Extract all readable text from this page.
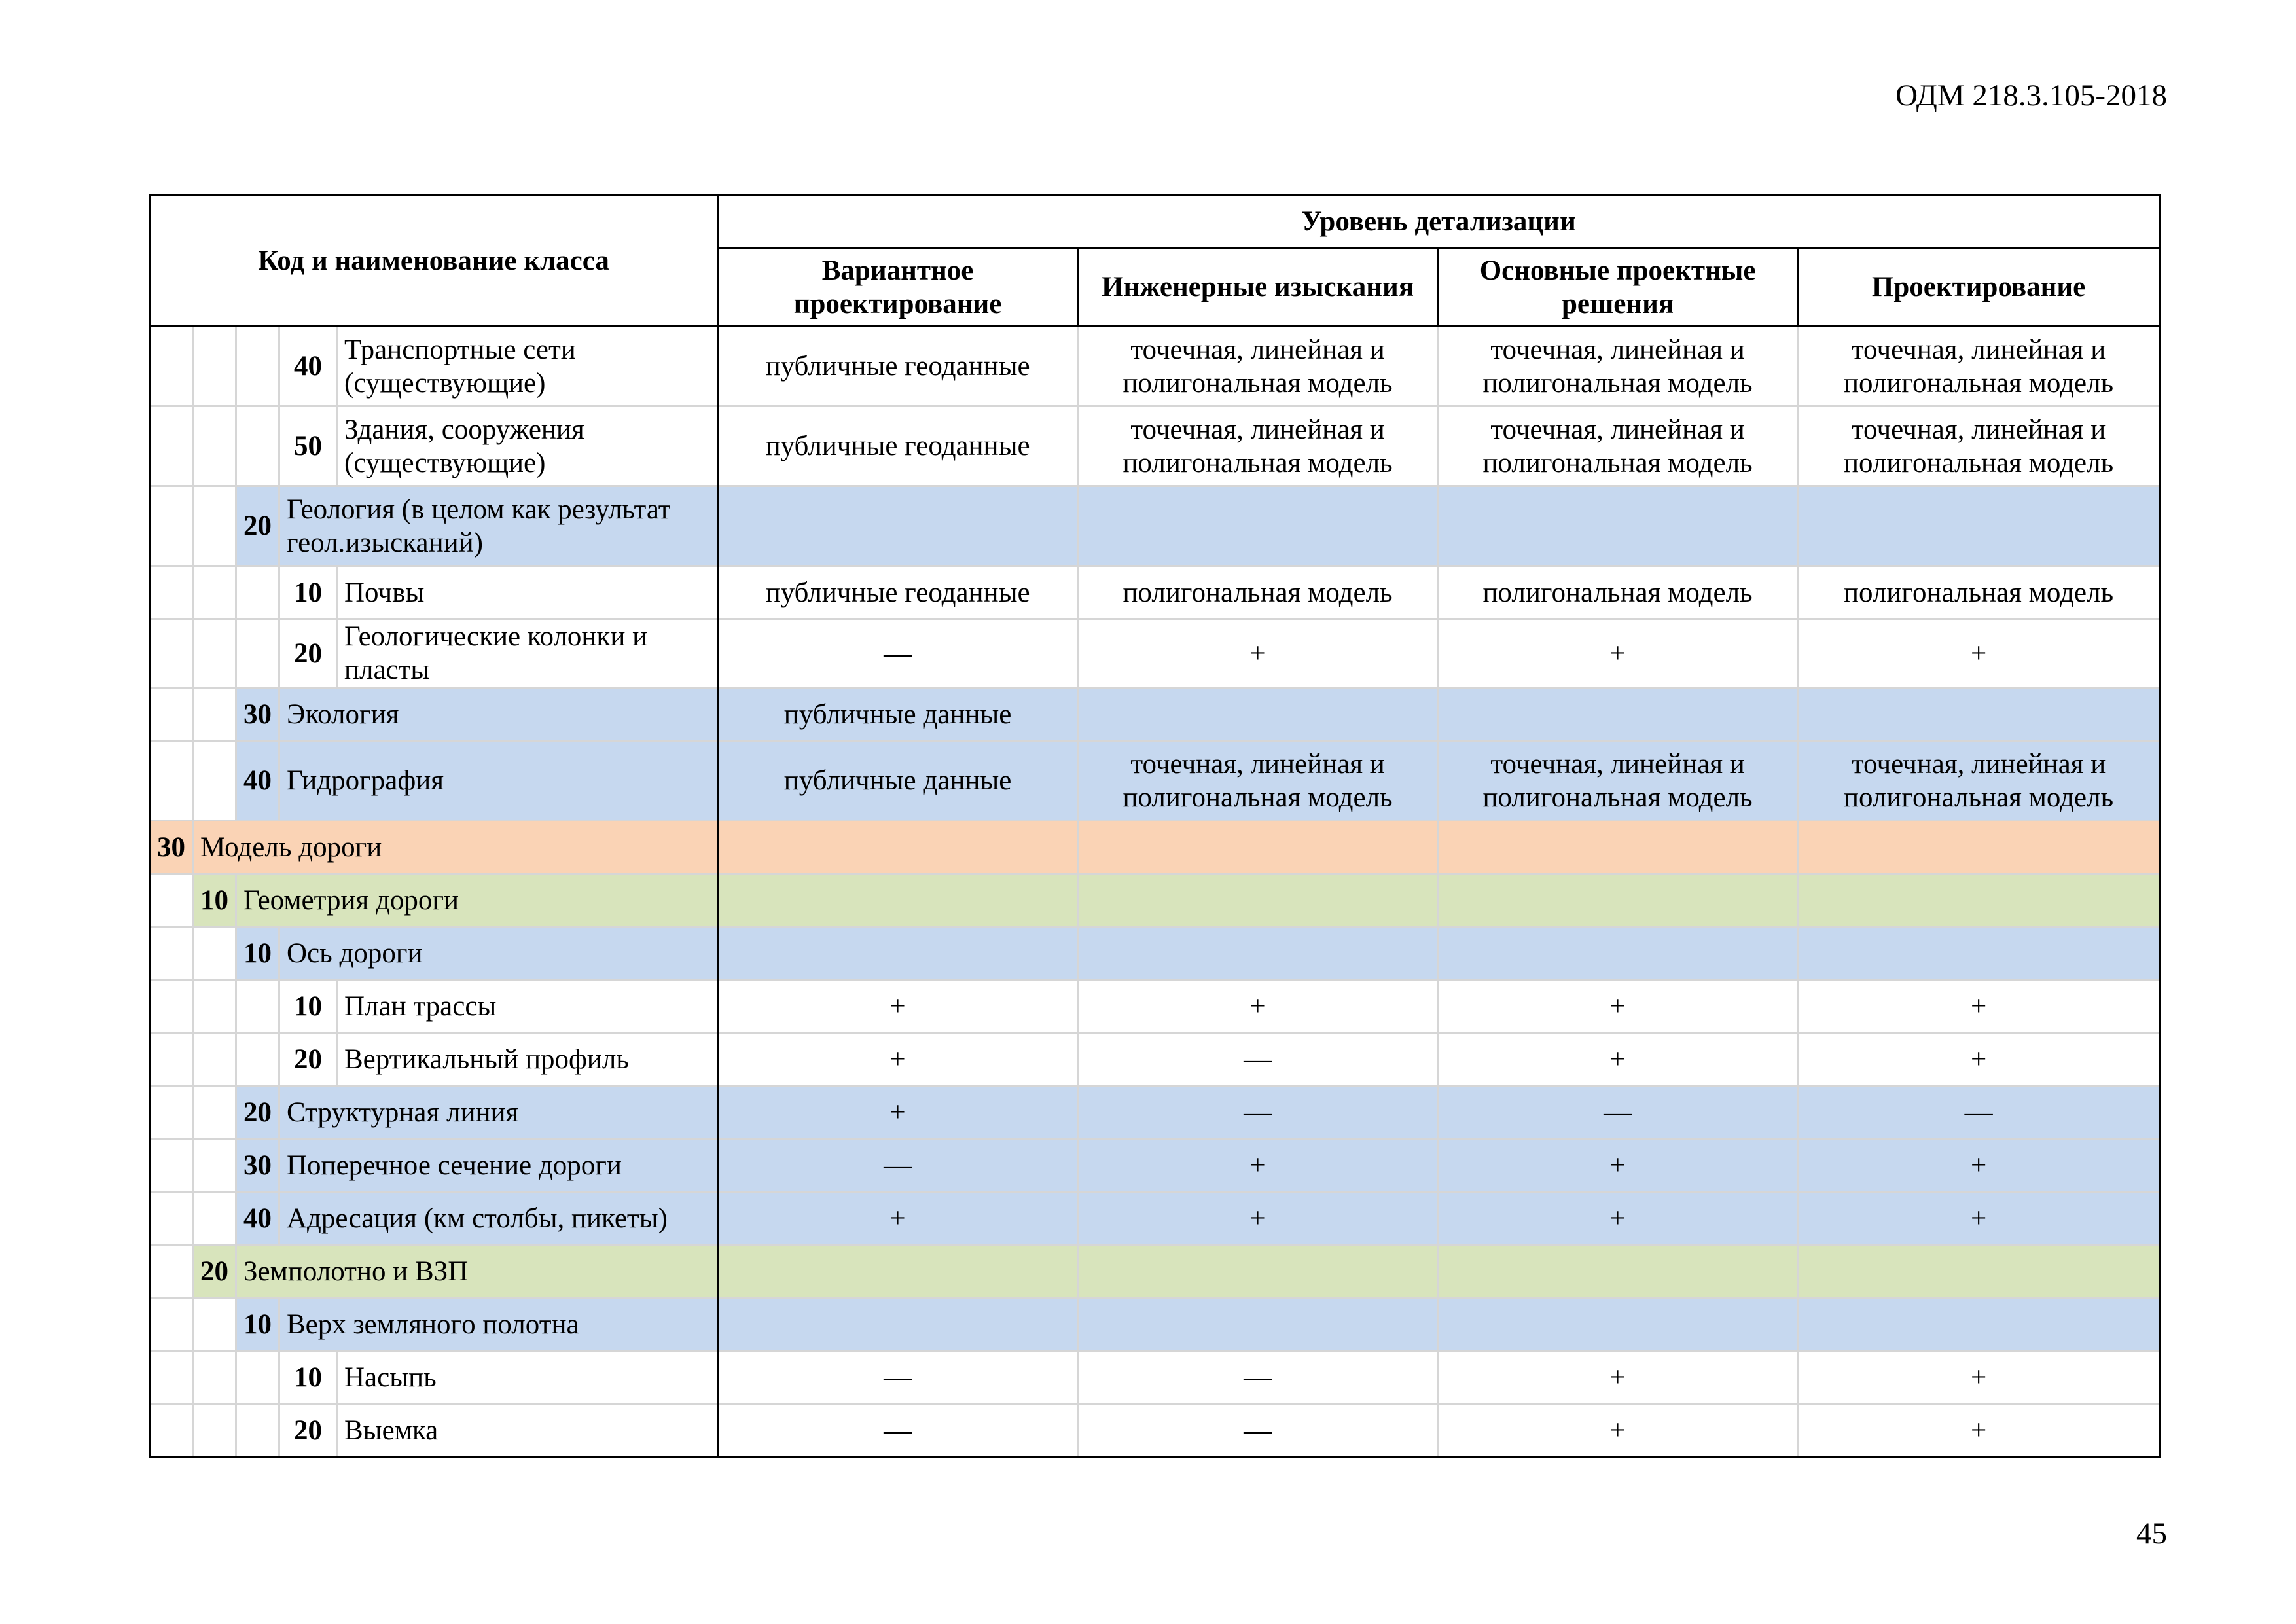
ОДМ 218.3.105-2018
Код и наименование класса					Уровень детализации			
					Вариантное проектирование	Инженерные изыскания	Основные проектные решения	Проектирование
			40	Транспортные сети (существующие)	публичные геоданные	точечная, линейная и полигональная модель	точечная, линейная и полигональная модель	точечная, линейная и полигональная модель
			50	Здания, сооружения (существующие)	публичные геоданные	точечная, линейная и полигональная модель	точечная, линейная и полигональная модель	точечная, линейная и полигональная модель
		20	Геология (в целом как результат геол.изысканий)					
			10	Почвы	публичные геоданные	полигональная модель	полигональная модель	полигональная модель
			20	Геологические колонки и пласты	—	+	+	+
		30	Экология		публичные данные			
		40	Гидрография		публичные данные	точечная, линейная и полигональная модель	точечная, линейная и полигональная модель	точечная, линейная и полигональная модель
30	Модель дороги							
	10	Геометрия дороги						
		10	Ось дороги					
			10	План трассы	+	+	+	+
			20	Вертикальный профиль	+	—	+	+
		20	Структурная линия		+	—	—	—
		30	Поперечное сечение дороги		—	+	+	+
		40	Адресация (км столбы, пикеты)		+	+	+	+
	20	Земполотно и ВЗП						
		10	Верх земляного полотна					
			10	Насыпь	—	—	+	+
			20	Выемка	—	—	+	+
45
